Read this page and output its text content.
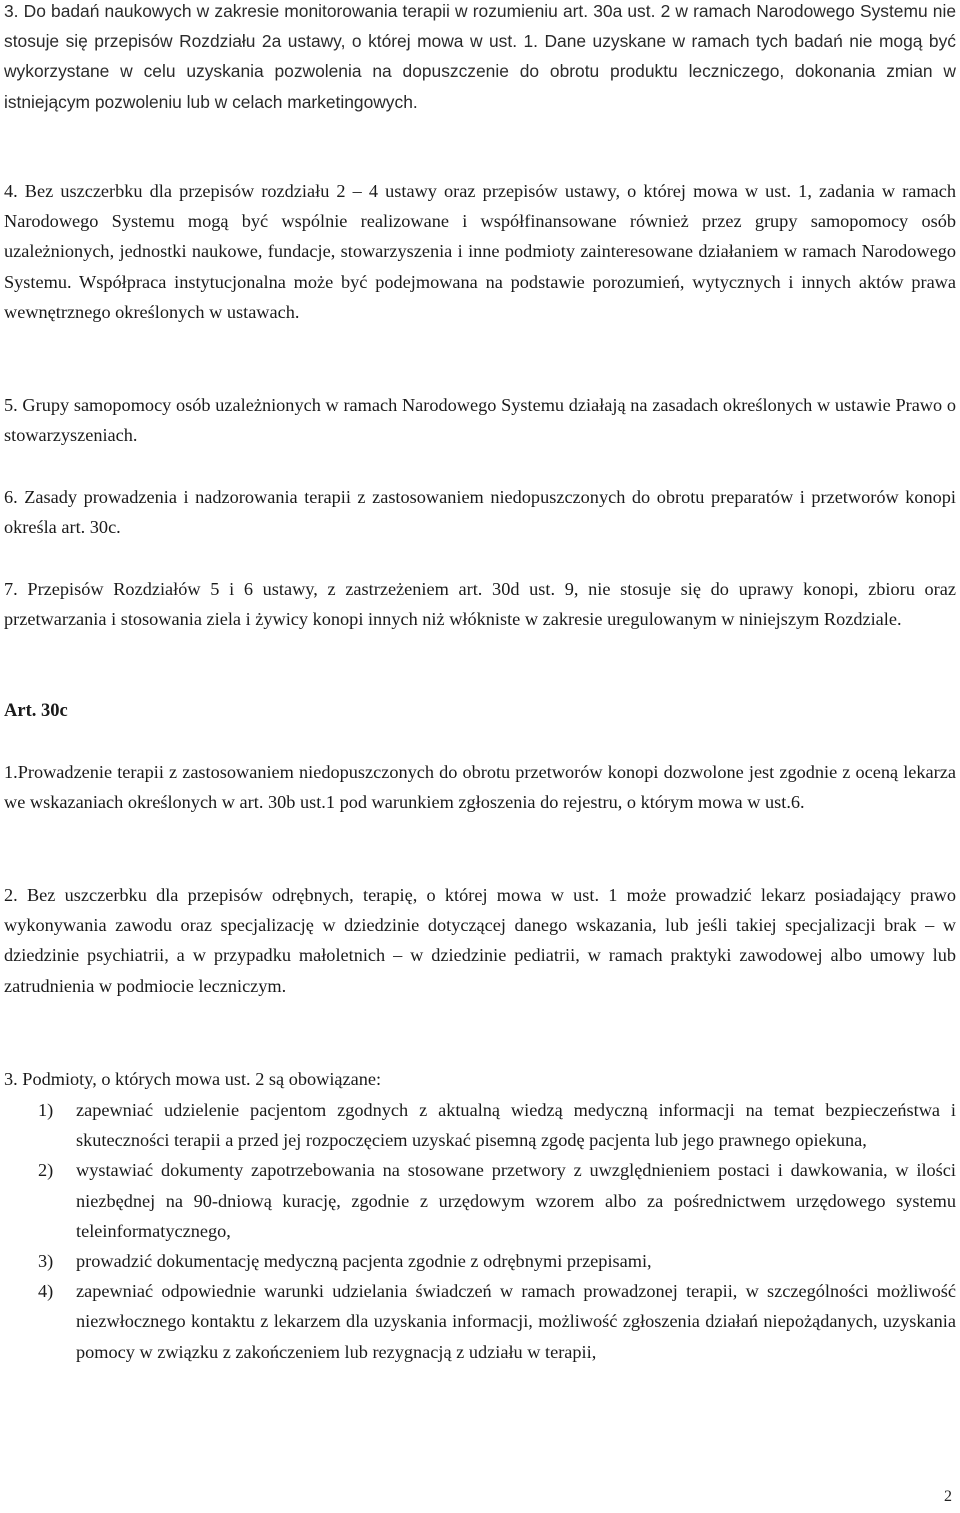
3. Do badań naukowych w zakresie monitorowania terapii w rozumieniu art. 30a ust. 2 w ramach Narodowego Systemu nie stosuje się przepisów Rozdziału 2a ustawy, o której mowa w ust. 1. Dane uzyskane w ramach tych badań nie mogą być wykorzystane w celu uzyskania pozwolenia na dopuszczenie do obrotu produktu leczniczego, dokonania zmian w istniejącym pozwoleniu lub w celach marketingowych.

4. Bez uszczerbku dla przepisów rozdziału 2 – 4 ustawy oraz przepisów ustawy, o której mowa w ust. 1, zadania w ramach Narodowego Systemu mogą być wspólnie realizowane i współfinansowane również przez grupy samopomocy osób uzależnionych, jednostki naukowe, fundacje, stowarzyszenia i inne podmioty zainteresowane działaniem w ramach Narodowego Systemu. Współpraca instytucjonalna może być podejmowana na podstawie porozumień, wytycznych i innych aktów prawa wewnętrznego określonych w ustawach.

5. Grupy samopomocy osób uzależnionych w ramach Narodowego Systemu działają na zasadach określonych w ustawie Prawo o stowarzyszeniach.

6. Zasady prowadzenia i nadzorowania terapii z zastosowaniem niedopuszczonych do obrotu preparatów i przetworów konopi określa art. 30c.

7. Przepisów Rozdziałów 5 i 6 ustawy, z zastrzeżeniem art. 30d ust. 9, nie stosuje się do uprawy konopi, zbioru oraz przetwarzania i stosowania ziela i żywicy konopi innych niż włókniste w zakresie uregulowanym w niniejszym Rozdziale.

Art. 30c

1.Prowadzenie terapii z zastosowaniem niedopuszczonych do obrotu przetworów konopi dozwolone jest zgodnie z oceną lekarza we wskazaniach określonych w art. 30b ust.1 pod warunkiem zgłoszenia do rejestru, o którym mowa w ust.6.

2. Bez uszczerbku dla przepisów odrębnych, terapię, o której mowa w ust. 1 może prowadzić lekarz posiadający prawo wykonywania zawodu oraz specjalizację w dziedzinie dotyczącej danego wskazania, lub jeśli takiej specjalizacji brak – w dziedzinie psychiatrii, a w przypadku małoletnich – w dziedzinie pediatrii, w ramach praktyki zawodowej albo umowy lub zatrudnienia w podmiocie leczniczym.

3. Podmioty, o których mowa ust. 2 są obowiązane:

1)	zapewniać udzielenie pacjentom zgodnych z aktualną wiedzą medyczną informacji na temat bezpieczeństwa i skuteczności terapii a przed jej rozpoczęciem uzyskać pisemną zgodę pacjenta lub jego prawnego opiekuna,
2)	wystawiać dokumenty zapotrzebowania na stosowane przetwory z uwzględnieniem postaci i dawkowania, w ilości niezbędnej na 90-dniową kurację, zgodnie z urzędowym wzorem albo za pośrednictwem urzędowego systemu teleinformatycznego,
3)	prowadzić dokumentację medyczną pacjenta zgodnie z odrębnymi przepisami,
4)	zapewniać odpowiednie warunki udzielania świadczeń w ramach prowadzonej terapii, w szczególności możliwość niezwłocznego kontaktu z lekarzem dla uzyskania informacji, możliwość zgłoszenia działań niepożądanych, uzyskania pomocy w związku z zakończeniem lub rezygnacją z udziału w terapii,
2
